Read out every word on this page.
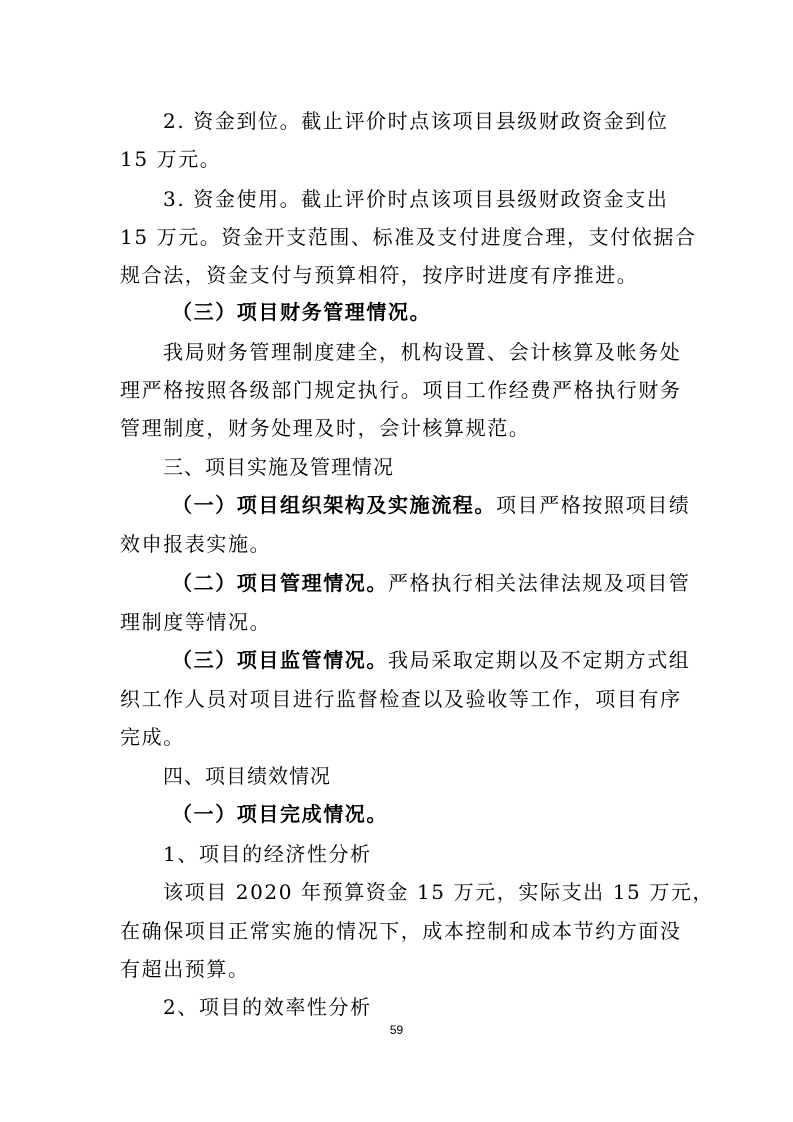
2. 资金到位。截止评价时点该项目县级财政资金到位
15 万元。
3. 资金使用。截止评价时点该项目县级财政资金支出
15 万元。资金开支范围、标准及支付进度合理，支付依据合
规合法，资金支付与预算相符，按序时进度有序推进。
（三）项目财务管理情况。
我局财务管理制度建全，机构设置、会计核算及帐务处
理严格按照各级部门规定执行。项目工作经费严格执行财务
管理制度，财务处理及时，会计核算规范。
三、项目实施及管理情况
（一）项目组织架构及实施流程。项目严格按照项目绩
效申报表实施。
（二）项目管理情况。严格执行相关法律法规及项目管
理制度等情况。
（三）项目监管情况。我局采取定期以及不定期方式组
织工作人员对项目进行监督检查以及验收等工作，项目有序
完成。
四、项目绩效情况
（一）项目完成情况。
1、项目的经济性分析
该项目 2020 年预算资金 15 万元，实际支出 15 万元，
在确保项目正常实施的情况下，成本控制和成本节约方面没
有超出预算。
2、项目的效率性分析
59
